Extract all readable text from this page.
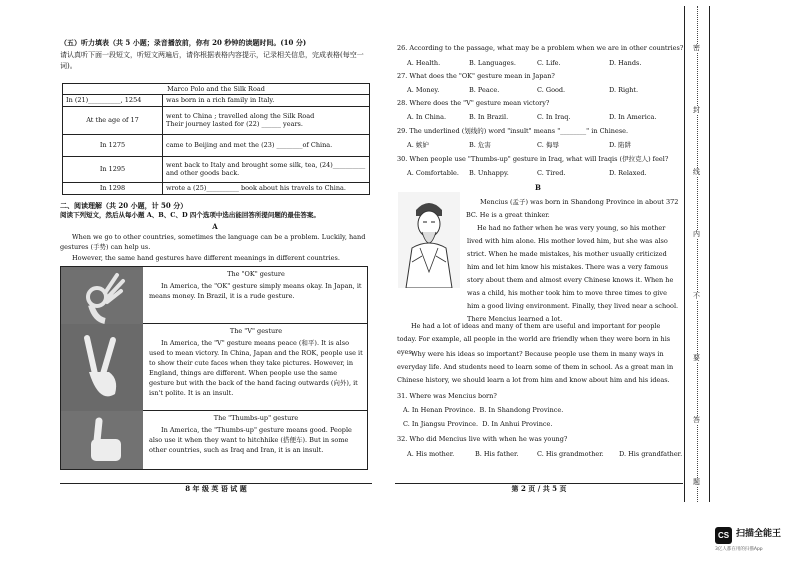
（五）听力填表（共 5 小题；录音播放前，你有 20 秒钟的读题时间。(10 分)
请认真听下面一段短文，听短文两遍后，请你根据表格内容提示，记录相关信息，完成表格(每空一词)。
Marco Polo and the Silk Road	
In (21)__________, 1254	was born in a rich family in Italy.
At the age of 17	went to China ; travelled along the Silk Road
Their journey lasted for (22) ______ years.
In 1275	came to Beijing and met the (23) ________of China.
In 1295	went back to Italy and brought some silk, tea, (24)__________ and other goods back.
In 1298	wrote a (25)__________ book about his travels to China.
二、阅读理解（共 20 小题，计 50 分）
阅读下列短文，然后从每小题 A、B、C、D 四个选项中选出能回答所提问题的最佳答案。
A
When we go to other countries, sometimes the language can be a problem. Luckily, hand gestures (手势) can help us.
However, the same hand gestures have different meanings in different countries.
The "OK" gesture
In America, the "OK" gesture simply means okay. In Japan, it means money. In Brazil, it is a rude gesture.
The "V" gesture
In America, the "V" gesture means peace (和平). It is also used to mean victory. In China, Japan and the ROK, people use it to show their cute faces when they take pictures. However, in England, things are different. When people use the same gesture but with the back of the hand facing outwards (向外), it isn't polite. It is an insult.
The "Thumbs-up" gesture
In America, the "Thumbs-up" gesture means good. People also use it when they want to hitchhike (搭便车). But in some other countries, such as Iraq and Iran, it is an insult.
8 年 级 英 语 试 题
26. According to the passage, what may be a problem when we are in other countries?
A. Health.	B. Languages.	C. Life.	D. Hands.
27. What does the "OK" gesture mean in Japan?
A. Money.	B. Peace.	C. Good.	D. Right.
28. Where does the "V" gesture mean victory?
A. In China.	B. In Brazil.	C. In Iraq.	D. In America.
29. The underlined (划线的) word "insult" means "________" in Chinese.
A. 嫉妒	B. 危害	C. 侮辱	D. 陷阱
30. When people use "Thumbs-up" gesture in Iraq, what will Iraqis (伊拉克人) feel?
A. Comfortable. B. Unhappy.	C. Tired.	D. Relaxed.
B
Mencius (孟子) was born in Shandong Province in about 372 BC. He is a great thinker.
He had no father when he was very young, so his mother lived with him alone. His mother loved him, but she was also strict. When he made mistakes, his mother usually criticized him and let him know his mistakes. There was a very famous story about them and almost every Chinese knows it. When he was a child, his mother took him to move three times to give him a good living environment. Finally, they lived near a school. There Mencius learned a lot.
He had a lot of ideas and many of them are useful and important for people today. For example, all people in the world are friendly when they were born in his eyes.
Why were his ideas so important? Because people use them in many ways in everyday life. And students need to learn some of them in school. As a great man in Chinese history, we should learn a lot from him and know about him and his ideas.
31. Where was Mencius born?
A. In Henan Province. B. In Shandong Province.
C. In Jiangsu Province. D. In Anhui Province.
32. Who did Mencius live with when he was young?
A. His mother.	B. His father.	C. His grandmother. D. His grandfather.
第 2 页 / 共 5 页
密
封
线
内
不
要
答
题
CS 扫描全能王
3亿人都在用的扫描App
